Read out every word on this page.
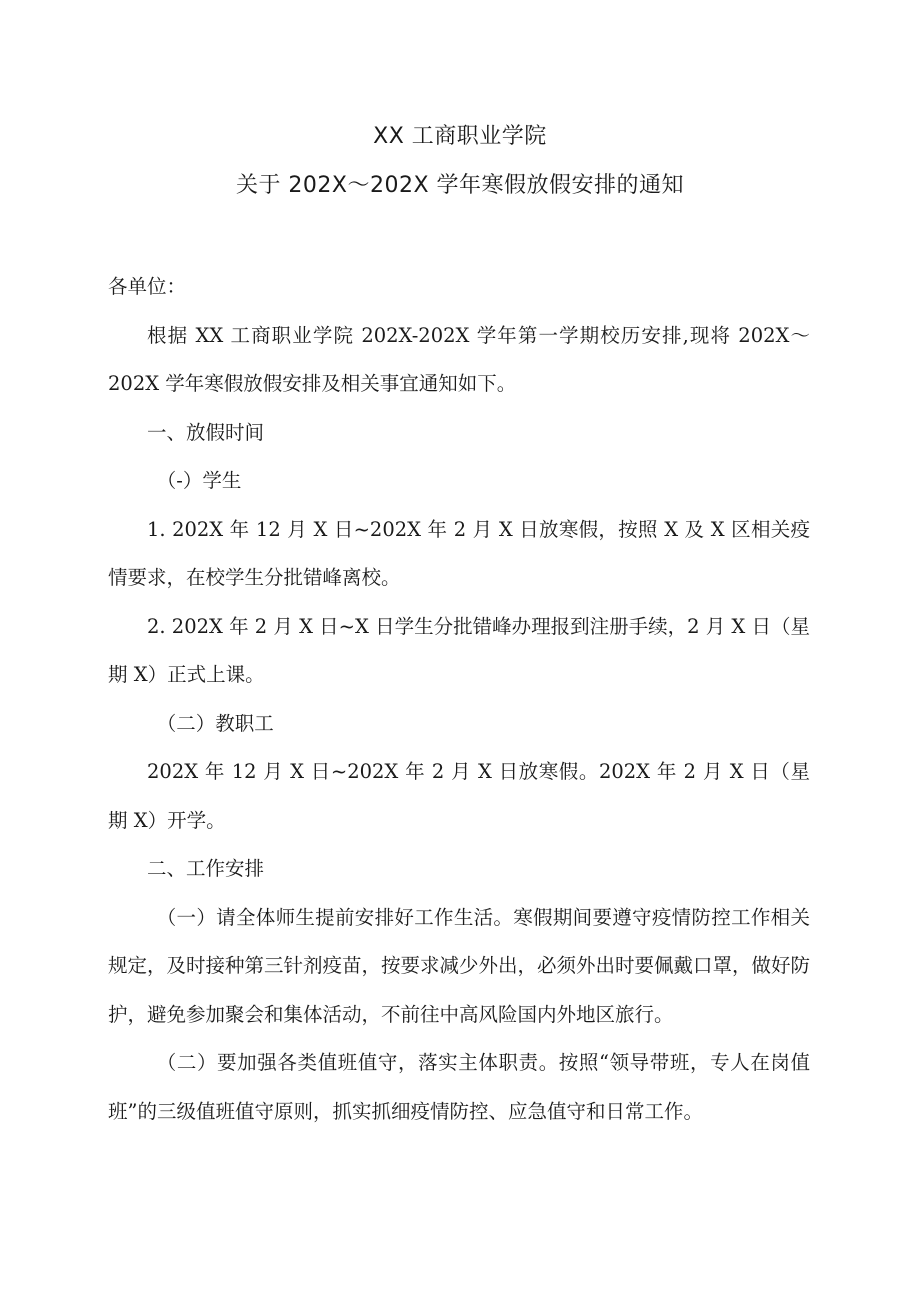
XX 工商职业学院
关于 202X～202X 学年寒假放假安排的通知

各单位：

根据 XX 工商职业学院 202X-202X 学年第一学期校历安排,现将 202X～202X 学年寒假放假安排及相关事宜通知如下。

一、放假时间

（-）学生

1. 202X 年 12 月 X 日~202X 年 2 月 X 日放寒假，按照 X 及 X 区相关疫情要求，在校学生分批错峰离校。

2. 202X 年 2 月 X 日~X 日学生分批错峰办理报到注册手续，2 月 X 日（星期 X）正式上课。

（二）教职工

202X 年 12 月 X 日~202X 年 2 月 X 日放寒假。202X 年 2 月 X 日（星期 X）开学。

二、工作安排

（一）请全体师生提前安排好工作生活。寒假期间要遵守疫情防控工作相关规定，及时接种第三针剂疫苗，按要求减少外出，必须外出时要佩戴口罩，做好防护，避免参加聚会和集体活动，不前往中高风险国内外地区旅行。

（二）要加强各类值班值守，落实主体职责。按照“领导带班，专人在岗值班”的三级值班值守原则，抓实抓细疫情防控、应急值守和日常工作。
